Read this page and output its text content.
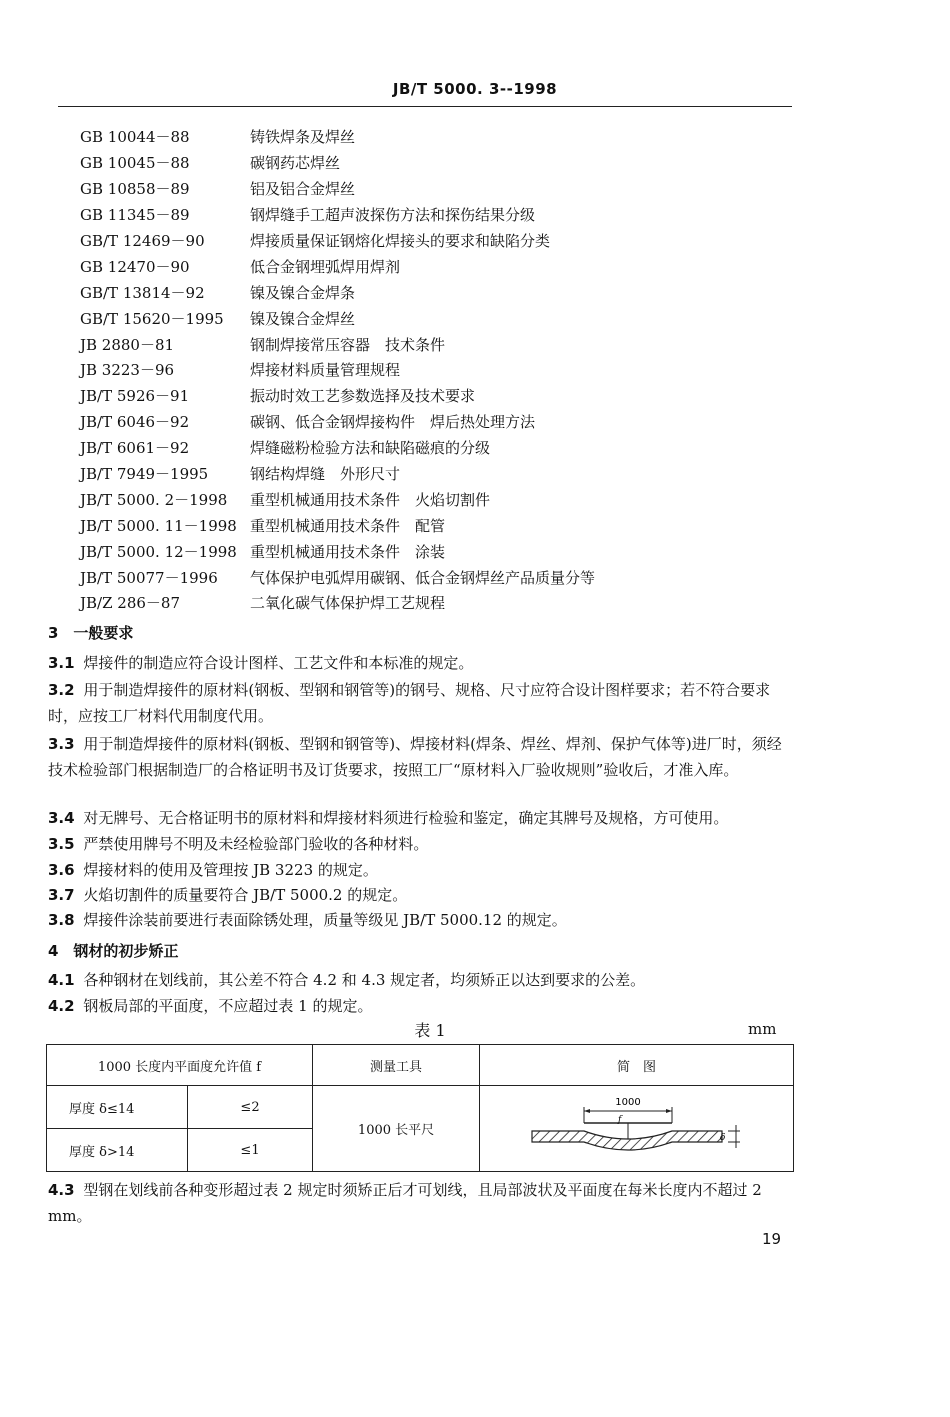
JB/T 5000. 3--1998
GB 10044－88	铸铁焊条及焊丝
GB 10045－88	碳钢药芯焊丝
GB 10858－89	铝及铝合金焊丝
GB 11345－89	钢焊缝手工超声波探伤方法和探伤结果分级
GB/T 12469－90	焊接质量保证钢熔化焊接头的要求和缺陷分类
GB 12470－90	低合金钢埋弧焊用焊剂
GB/T 13814－92	镍及镍合金焊条
GB/T 15620－1995	镍及镍合金焊丝
JB 2880－81	钢制焊接常压容器　技术条件
JB 3223－96	焊接材料质量管理规程
JB/T 5926－91	振动时效工艺参数选择及技术要求
JB/T 6046－92	碳钢、低合金钢焊接构件　焊后热处理方法
JB/T 6061－92	焊缝磁粉检验方法和缺陷磁痕的分级
JB/T 7949－1995	钢结构焊缝　外形尺寸
JB/T 5000. 2－1998	重型机械通用技术条件　火焰切割件
JB/T 5000. 11－1998 重型机械通用技术条件　配管
JB/T 5000. 12－1998 重型机械通用技术条件　涂装
JB/T 50077－1996	气体保护电弧焊用碳钢、低合金钢焊丝产品质量分等
JB/Z 286－87	二氧化碳气体保护焊工艺规程
3　一般要求
3.1 焊接件的制造应符合设计图样、工艺文件和本标准的规定。
3.2 用于制造焊接件的原材料(钢板、型钢和钢管等)的钢号、规格、尺寸应符合设计图样要求；若不符合要求时，应按工厂材料代用制度代用。
3.3 用于制造焊接件的原材料(钢板、型钢和钢管等)、焊接材料(焊条、焊丝、焊剂、保护气体等)进厂时，须经技术检验部门根据制造厂的合格证明书及订货要求，按照工厂“原材料入厂验收规则”验收后，才准入库。
3.4 对无牌号、无合格证明书的原材料和焊接材料须进行检验和鉴定，确定其牌号及规格，方可使用。
3.5 严禁使用牌号不明及未经检验部门验收的各种材料。
3.6 焊接材料的使用及管理按 JB 3223 的规定。
3.7 火焰切割件的质量要符合 JB/T 5000.2 的规定。
3.8 焊接件涂装前要进行表面除锈处理，质量等级见 JB/T 5000.12 的规定。
4　钢材的初步矫正
4.1 各种钢材在划线前，其公差不符合 4.2 和 4.3 规定者，均须矫正以达到要求的公差。
4.2 钢板局部的平面度，不应超过表 1 的规定。
表 1	mm
1000 长度内平面度允许值 f		测量工具	简　图
厚度 δ≤14	≤2	1000 长平尺	1000
f
δ

厚度 δ>14	≤1		
4.3 型钢在划线前各种变形超过表 2 规定时须矫正后才可划线，且局部波状及平面度在每米长度内不超过 2 mm。
19
